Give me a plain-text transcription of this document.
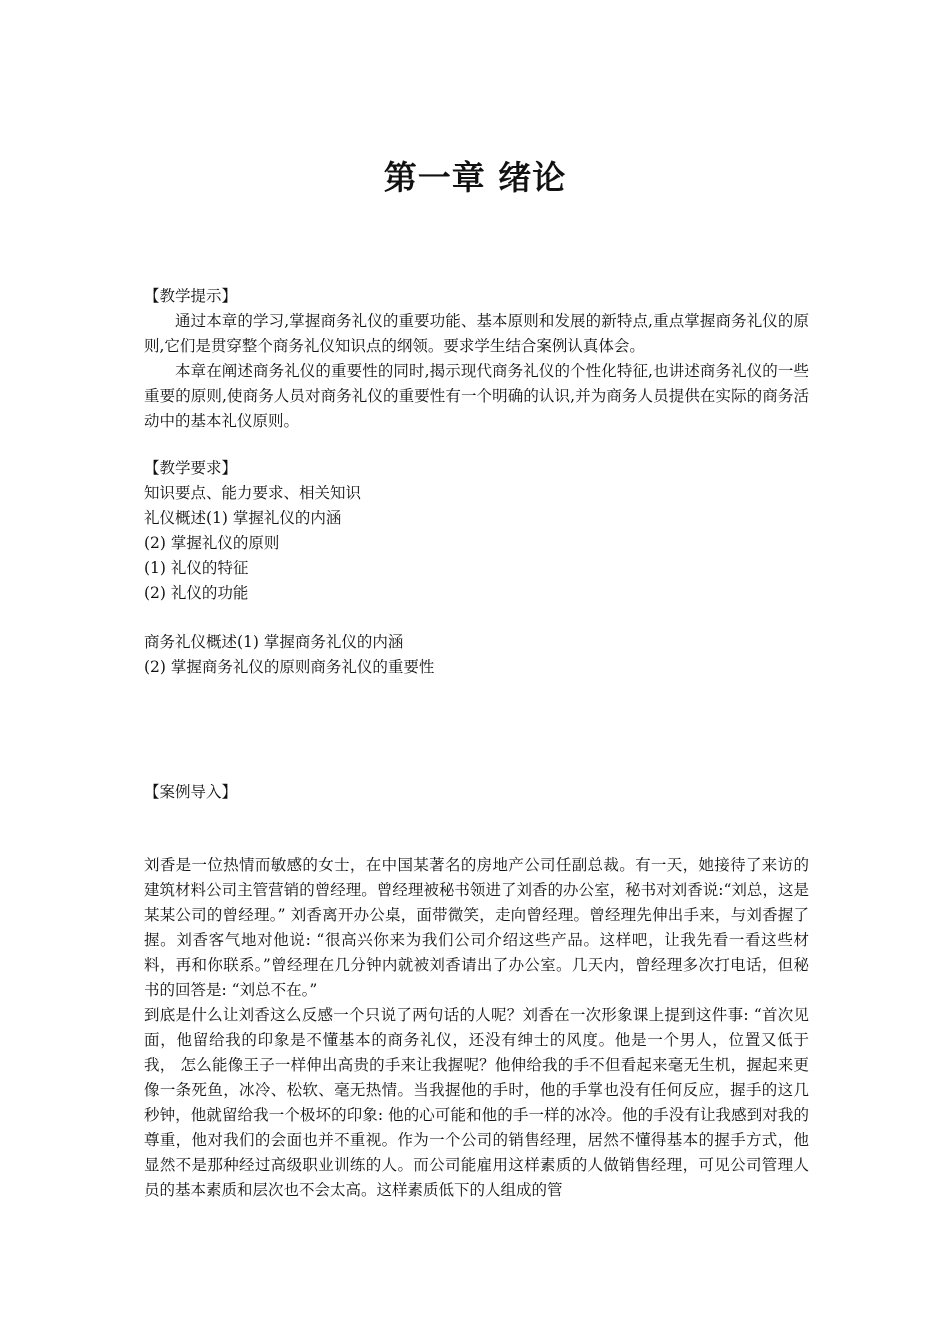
第一章 绪论

【教学提示】

通过本章的学习,掌握商务礼仪的重要功能、基本原则和发展的新特点,重点掌握商务礼仪的原则,它们是贯穿整个商务礼仪知识点的纲领。要求学生结合案例认真体会。

本章在阐述商务礼仪的重要性的同时,揭示现代商务礼仪的个性化特征,也讲述商务礼仪的一些重要的原则,使商务人员对商务礼仪的重要性有一个明确的认识,并为商务人员提供在实际的商务活动中的基本礼仪原则。

【教学要求】

知识要点、能力要求、相关知识

礼仪概述(1) 掌握礼仪的内涵

(2) 掌握礼仪的原则

(1) 礼仪的特征

(2) 礼仪的功能

商务礼仪概述(1) 掌握商务礼仪的内涵

(2) 掌握商务礼仪的原则商务礼仪的重要性

【案例导入】

刘香是一位热情而敏感的女士，在中国某著名的房地产公司任副总裁。有一天，她接待了来访的建筑材料公司主管营销的曾经理。曾经理被秘书领进了刘香的办公室，秘书对刘香说:“刘总，这是某某公司的曾经理。” 刘香离开办公桌，面带微笑，走向曾经理。曾经理先伸出手来，与刘香握了握。刘香客气地对他说: “很高兴你来为我们公司介绍这些产品。这样吧，让我先看一看这些材料，再和你联系。”曾经理在几分钟内就被刘香请出了办公室。几天内，曾经理多次打电话，但秘书的回答是: “刘总不在。”

到底是什么让刘香这么反感一个只说了两句话的人呢？刘香在一次形象课上提到这件事: “首次见面，他留给我的印象是不懂基本的商务礼仪，还没有绅士的风度。他是一个男人，位置又低于我， 怎么能像王子一样伸出高贵的手来让我握呢？他伸给我的手不但看起来毫无生机，握起来更像一条死鱼，冰冷、松软、毫无热情。当我握他的手时，他的手掌也没有任何反应，握手的这几秒钟，他就留给我一个极坏的印象: 他的心可能和他的手一样的冰冷。他的手没有让我感到对我的尊重，他对我们的会面也并不重视。作为一个公司的销售经理，居然不懂得基本的握手方式，他显然不是那种经过高级职业训练的人。而公司能雇用这样素质的人做销售经理，可见公司管理人员的基本素质和层次也不会太高。这样素质低下的人组成的管
